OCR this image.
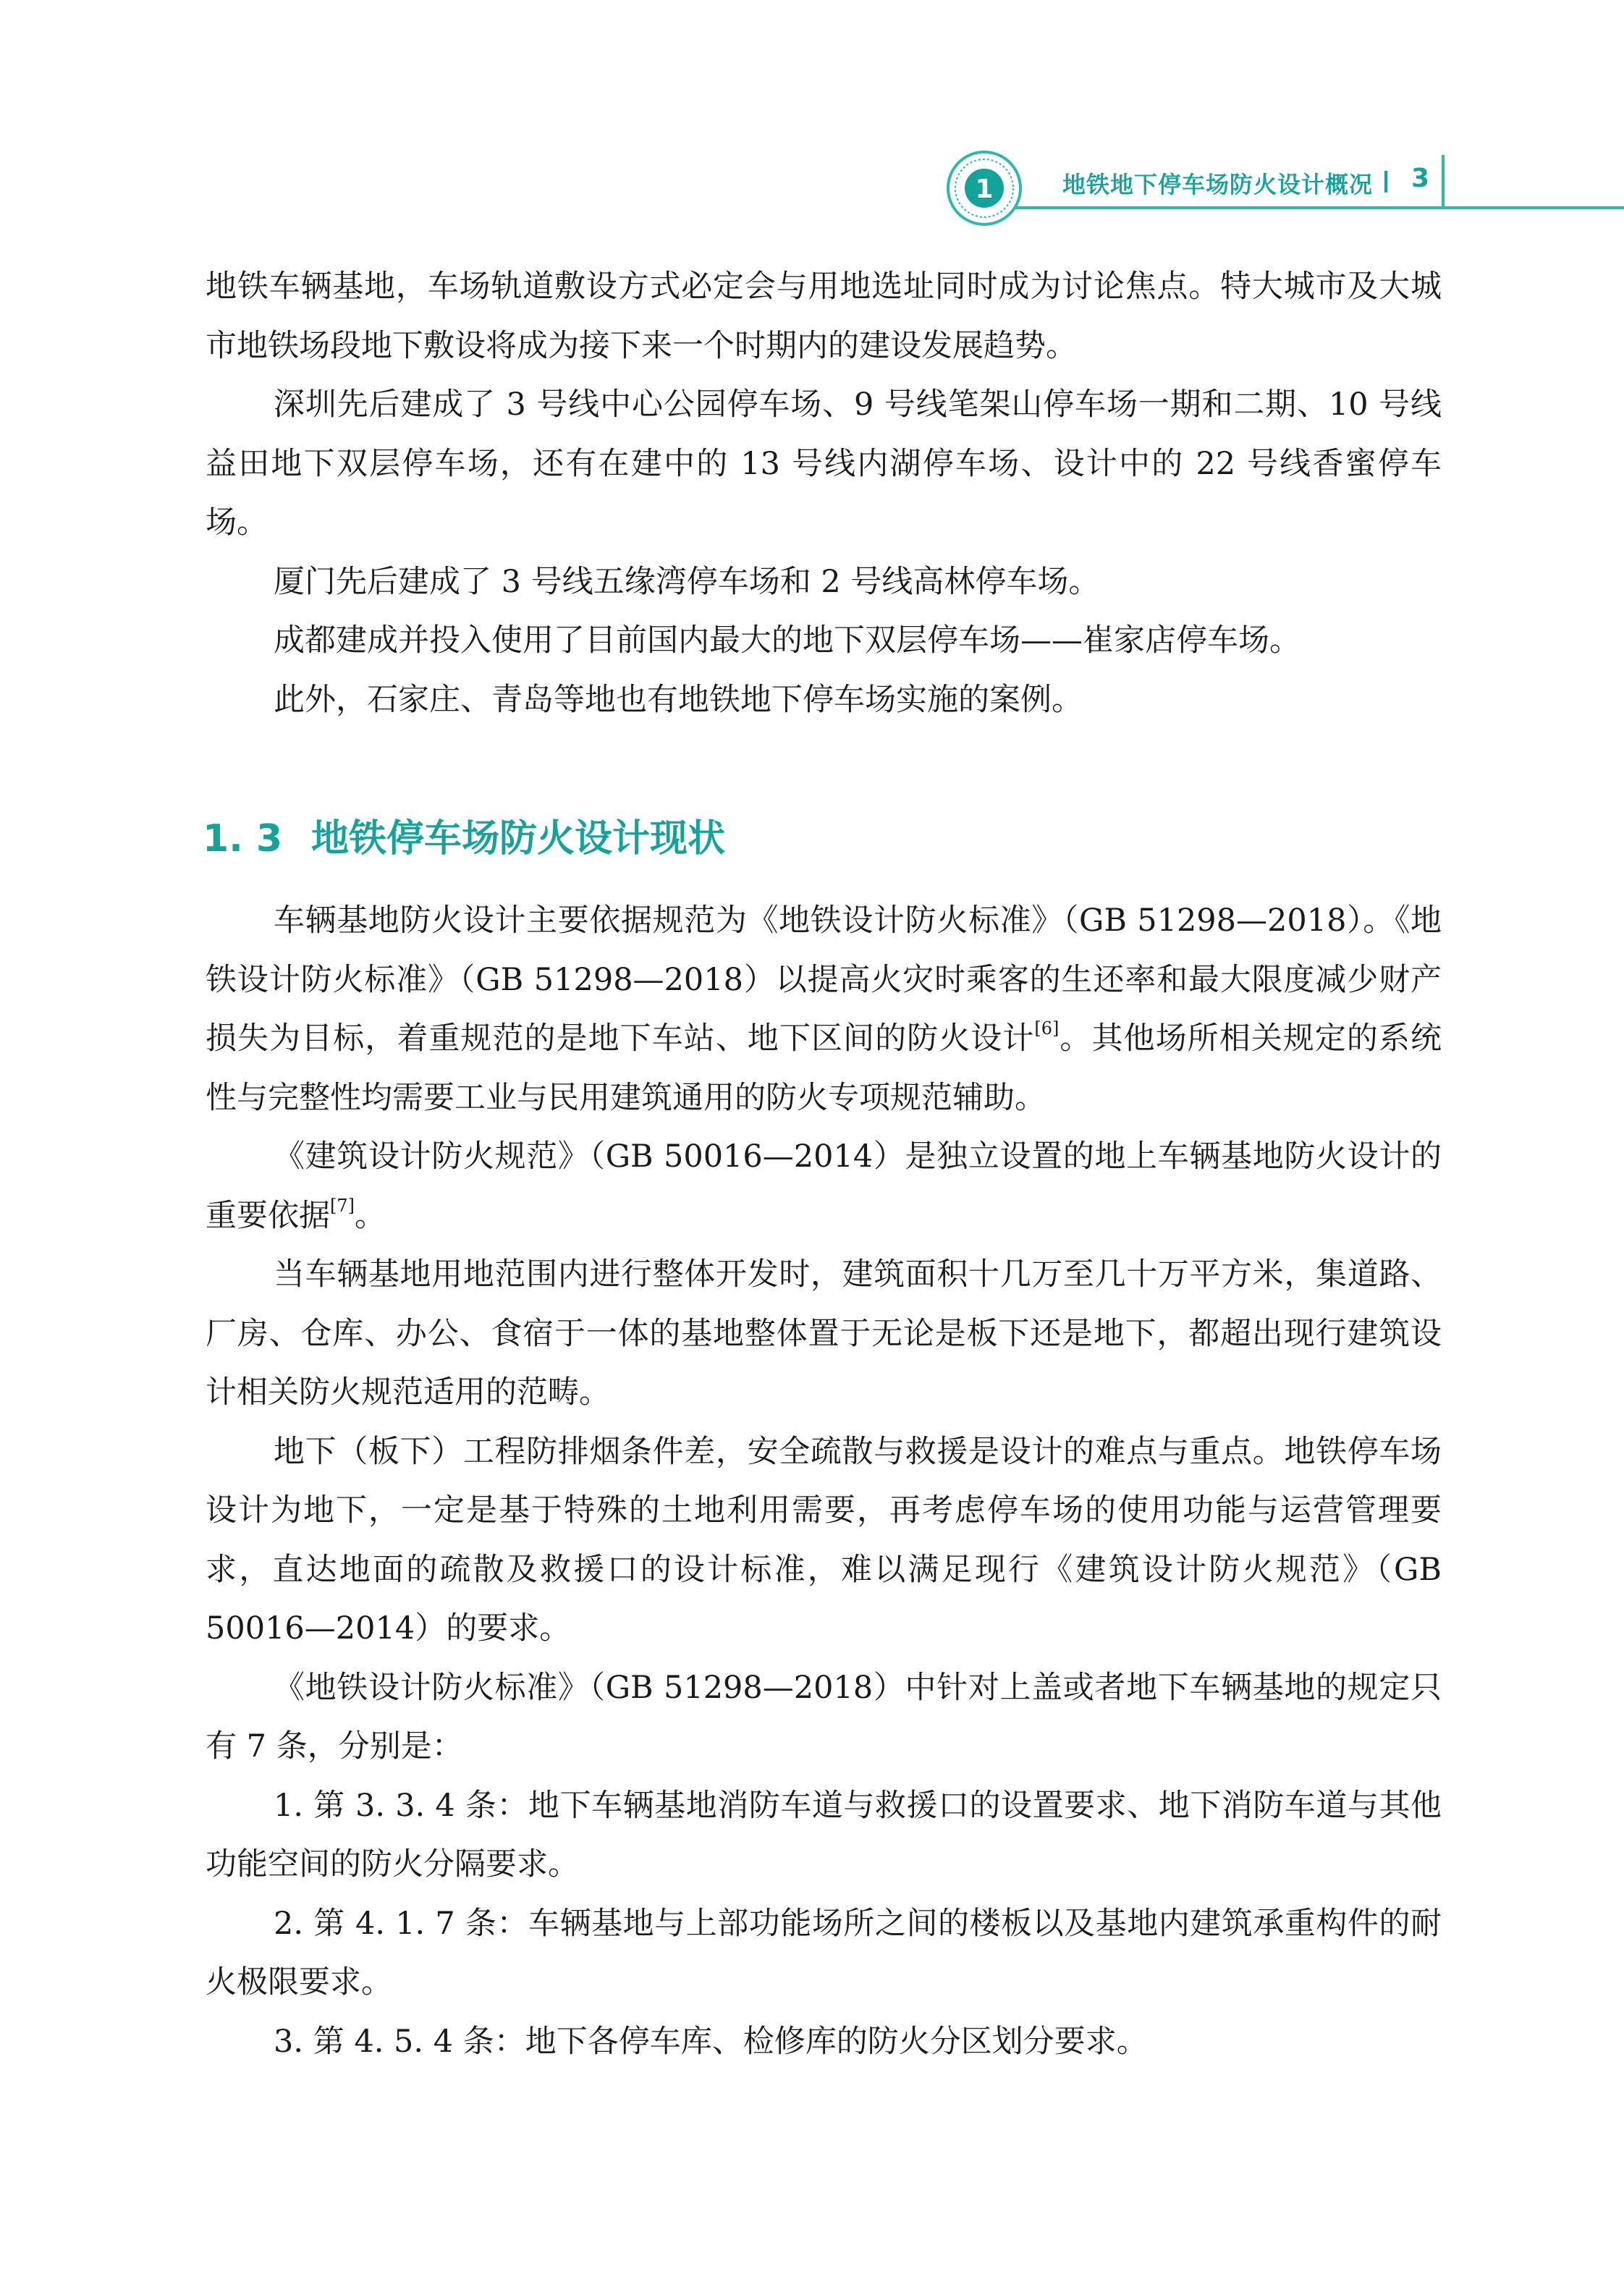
1	地铁地下停车场防火设计概况 3

地铁车辆基地，车场轨道敷设方式必定会与用地选址同时成为讨论焦点。特大城市及大城市地铁场段地下敷设将成为接下来一个时期内的建设发展趋势。

深圳先后建成了 3 号线中心公园停车场、9 号线笔架山停车场一期和二期、10 号线益田地下双层停车场，还有在建中的 13 号线内湖停车场、设计中的 22 号线香蜜停车场。

厦门先后建成了 3 号线五缘湾停车场和 2 号线高林停车场。

成都建成并投入使用了目前国内最大的地下双层停车场——崔家店停车场。

此外，石家庄、青岛等地也有地铁地下停车场实施的案例。

1. 3 地铁停车场防火设计现状

车辆基地防火设计主要依据规范为《地铁设计防火标准》（GB 51298—2018）。《地铁设计防火标准》（GB 51298—2018）以提高火灾时乘客的生还率和最大限度减少财产损失为目标，着重规范的是地下车站、地下区间的防火设计[6]。其他场所相关规定的系统性与完整性均需要工业与民用建筑通用的防火专项规范辅助。

《建筑设计防火规范》（GB 50016—2014）是独立设置的地上车辆基地防火设计的重要依据[7]。

当车辆基地用地范围内进行整体开发时，建筑面积十几万至几十万平方米，集道路、厂房、仓库、办公、食宿于一体的基地整体置于无论是板下还是地下，都超出现行建筑设计相关防火规范适用的范畴。

地下（板下）工程防排烟条件差，安全疏散与救援是设计的难点与重点。地铁停车场设计为地下，一定是基于特殊的土地利用需要，再考虑停车场的使用功能与运营管理要求，直达地面的疏散及救援口的设计标准，难以满足现行《建筑设计防火规范》（GB 50016—2014）的要求。

《地铁设计防火标准》（GB 51298—2018）中针对上盖或者地下车辆基地的规定只有 7 条，分别是：

1. 第 3. 3. 4 条：地下车辆基地消防车道与救援口的设置要求、地下消防车道与其他功能空间的防火分隔要求。

2. 第 4. 1. 7 条：车辆基地与上部功能场所之间的楼板以及基地内建筑承重构件的耐火极限要求。

3. 第 4. 5. 4 条：地下各停车库、检修库的防火分区划分要求。
